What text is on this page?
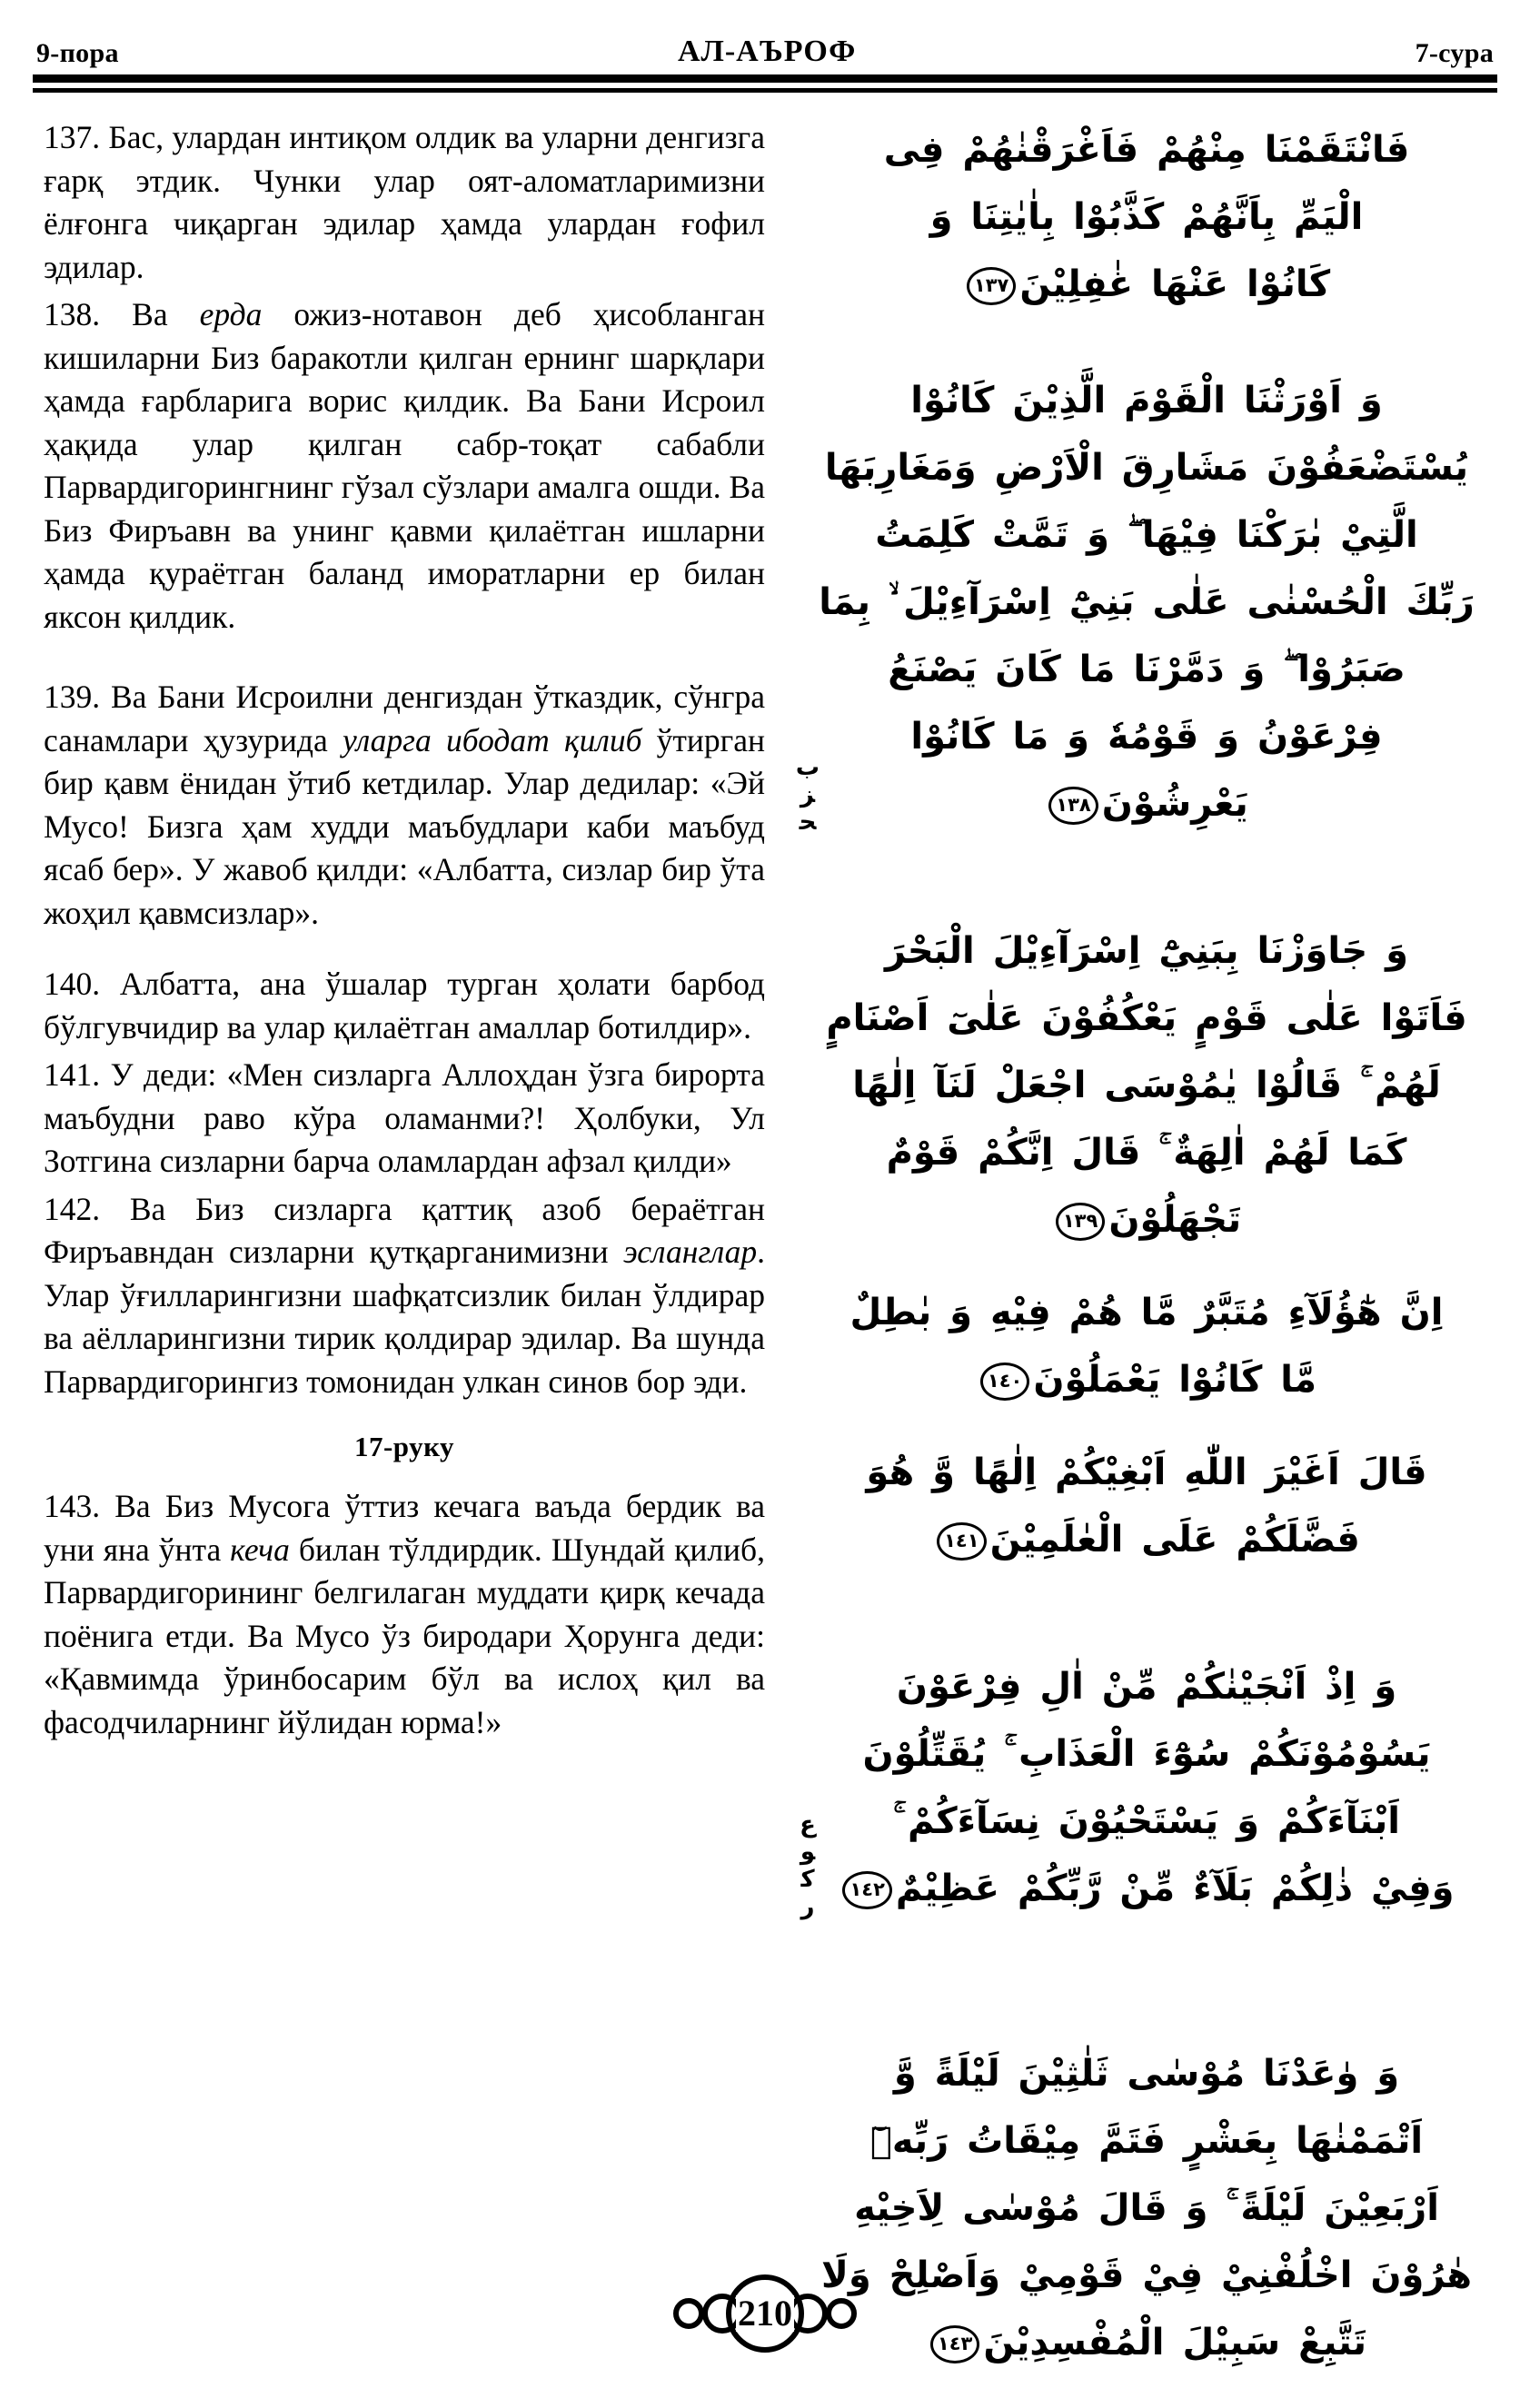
9-пора	АЛ-АЪРОФ	7-сура

137. Бас, улардан интиқом олдик ва уларни денгизга ғарқ этдик. Чунки улар оят-аломатларимизни ёлғонга чиқарган эдилар ҳамда улардан ғофил эдилар.

138. Ва ерда ожиз-нотавон деб ҳисобланган кишиларни Биз баракотли қилган ернинг шарқлари ҳамда ғарбларига ворис қилдик. Ва Бани Исроил ҳақида улар қилган сабр-тоқат сабабли Парвардигорингнинг гўзал сўзлари амалга ошди. Ва Биз Фиръавн ва унинг қавми қилаётган ишларни ҳамда қураётган баланд иморатларни ер билан яксон қилдик.

139. Ва Бани Исроилни денгиздан ўтказдик, сўнгра санамлари ҳузурида уларга ибодат қилиб ўтирган бир қавм ёнидан ўтиб кетдилар. Улар дедилар: «Эй Мусо! Бизга ҳам худди маъбудлари каби маъбуд ясаб бер». У жавоб қилди: «Албатта, сизлар бир ўта жоҳил қавмсизлар».

140. Албатта, ана ўшалар турган ҳолати барбод бўлгувчидир ва улар қилаётган амаллар ботилдир».

141. У деди: «Мен сизларга Аллоҳдан ўзга бирорта маъбудни раво кўра оламанми?! Ҳолбуки, Ул Зотгина сизларни барча оламлардан афзал қилди»

142. Ва Биз сизларга қаттиқ азоб бераётган Фиръавндан сизларни қутқарганимизни эсланглар. Улар ўғилларингизни шафқатсизлик билан ўлдирар ва аёлларингизни тирик қолдирар эдилар. Ва шунда Парвардигорингиз томонидан улкан синов бор эди.

17-руку

143. Ва Биз Мусога ўттиз кечага ваъда бердик ва уни яна ўнта кеча билан тўлдирдик. Шундай қилиб, Парвардигорининг белгилаган муддати қирқ кечада поёнига етди. Ва Мусо ўз биродари Ҳорунга деди: «Қавмимда ўринбосарим бўл ва ислоҳ қил ва фасодчиларнинг йўлидан юрма!»

فَانْتَقَمْنَا مِنْهُمْ فَاَغْرَقْنٰهُمْ فِى
الْيَمِّ بِاَنَّهُمْ كَذَّبُوْا بِاٰيٰتِنَا وَ
كَانُوْا عَنْهَا غٰفِلِيْنَ١٣٧
وَ اَوْرَثْنَا الْقَوْمَ الَّذِيْنَ كَانُوْا
يُسْتَضْعَفُوْنَ مَشَارِقَ الْاَرْضِ وَمَغَارِبَهَا
الَّتِيْ بٰرَكْنَا فِيْهَا ۖ وَ تَمَّتْ كَلِمَتُ
رَبِّكَ الْحُسْنٰى عَلٰى بَنِيْٓ اِسْرَآءِيْلَ ۙ بِمَا
صَبَرُوْا ۖ وَ دَمَّرْنَا مَا كَانَ يَصْنَعُ
فِرْعَوْنُ وَ قَوْمُهٗ وَ مَا كَانُوْا
يَعْرِشُوْنَ١٣٨
ﺤﺰﺏ
وَ جَاوَزْنَا بِبَنِيْٓ اِسْرَآءِيْلَ الْبَحْرَ
فَاَتَوْا عَلٰى قَوْمٍ يَعْكُفُوْنَ عَلٰىٓ اَصْنَامٍ
لَهُمْ ۚ قَالُوْا يٰمُوْسَى اجْعَلْ لَنَآ اِلٰهًا
كَمَا لَهُمْ اٰلِهَةٌ ۚ قَالَ اِنَّكُمْ قَوْمٌ
تَجْهَلُوْنَ١٣٩
اِنَّ هٰٓؤُلَآءِ مُتَبَّرٌ مَّا هُمْ فِيْهِ وَ بٰطِلٌ
مَّا كَانُوْا يَعْمَلُوْنَ١٤٠
قَالَ اَغَيْرَ اللّٰهِ اَبْغِيْكُمْ اِلٰهًا وَّ هُوَ
فَضَّلَكُمْ عَلَى الْعٰلَمِيْنَ١٤١
وَ اِذْ اَنْجَيْنٰكُمْ مِّنْ اٰلِ فِرْعَوْنَ
يَسُوْمُوْنَكُمْ سُوْٓءَ الْعَذَابِ ۚ يُقَتِّلُوْنَ
اَبْنَآءَكُمْ وَ يَسْتَحْيُوْنَ نِسَآءَكُمْ ۚ
وَفِيْ ذٰلِكُمْ بَلَآءٌ مِّنْ رَّبِّكُمْ عَظِيْمٌ١٤٢
ﺭﻛﻮﻉ
وَ وٰعَدْنَا مُوْسٰى ثَلٰثِيْنَ لَيْلَةً وَّ
اَتْمَمْنٰهَا بِعَشْرٍ فَتَمَّ مِيْقَاتُ رَبِّهٖٓ
اَرْبَعِيْنَ لَيْلَةً ۚ وَ قَالَ مُوْسٰى لِاَخِيْهِ
هٰرُوْنَ اخْلُفْنِيْ فِيْ قَوْمِيْ وَاَصْلِحْ وَلَا
تَتَّبِعْ سَبِيْلَ الْمُفْسِدِيْنَ١٤٣
210
